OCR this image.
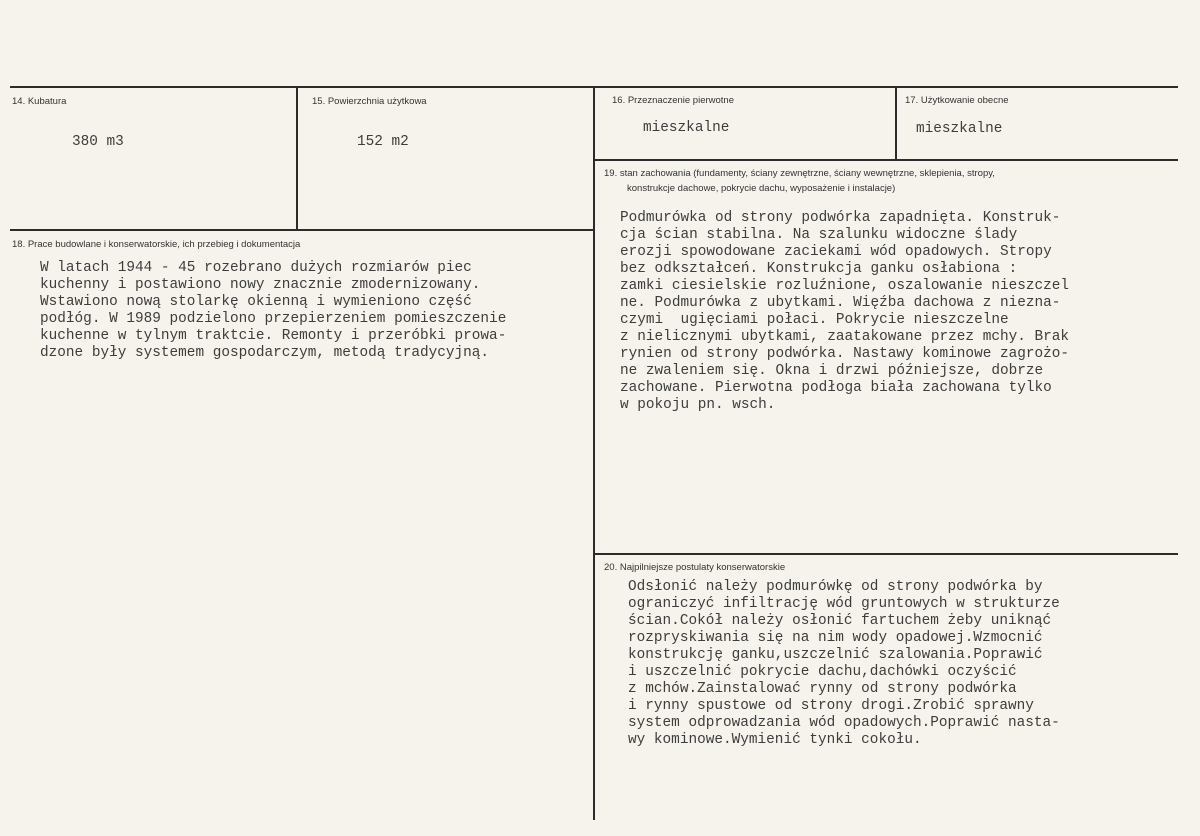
14. Kubatura
380 m3
15. Powierzchnia użytkowa
152 m2
16. Przeznaczenie pierwotne
mieszkalne
17. Użytkowanie obecne
mieszkalne
18. Prace budowlane i konserwatorskie, ich przebieg i dokumentacja
W latach 1944 - 45 rozebrano dużych rozmiarów piec
kuchenny i postawiono nowy znacznie zmodernizowany.
Wstawiono nową stolarkę okienną i wymieniono część
podłóg. W 1989 podzielono przepierzeniem pomieszczenie
kuchenne w tylnym traktcie. Remonty i przeróbki prowa-
dzone były systemem gospodarczym, metodą tradycyjną.
19. stan zachowania (fundamenty, ściany zewnętrzne, ściany wewnętrzne, sklepienia, stropy,
konstrukcje dachowe, pokrycie dachu, wyposażenie i instalacje)
Podmurówka od strony podwórka zapadnięta. Konstruk-
cja ścian stabilna. Na szalunku widoczne ślady
erozji spowodowane zaciekami wód opadowych. Stropy
bez odkształceń. Konstrukcja ganku osłabiona :
zamki ciesielskie rozluźnione, oszalowanie nieszczel
ne. Podmurówka z ubytkami. Więźba dachowa z niezna-
czymi  ugięciami połaci. Pokrycie nieszczelne
z nielicznymi ubytkami, zaatakowane przez mchy. Brak
rynien od strony podwórka. Nastawy kominowe zagrożo-
ne zwaleniem się. Okna i drzwi późniejsze, dobrze
zachowane. Pierwotna podłoga biała zachowana tylko
w pokoju pn. wsch.
20. Najpilniejsze postulaty konserwatorskie
Odsłonić należy podmurówkę od strony podwórka by
ograniczyć infiltrację wód gruntowych w strukturze
ścian.Cokół należy osłonić fartuchem żeby uniknąć
rozpryskiwania się na nim wody opadowej.Wzmocnić
konstrukcję ganku,uszczelnić szalowania.Poprawić
i uszczelnić pokrycie dachu,dachówki oczyścić
z mchów.Zainstalować rynny od strony podwórka
i rynny spustowe od strony drogi.Zrobić sprawny
system odprowadzania wód opadowych.Poprawić nasta-
wy kominowe.Wymienić tynki cokołu.
